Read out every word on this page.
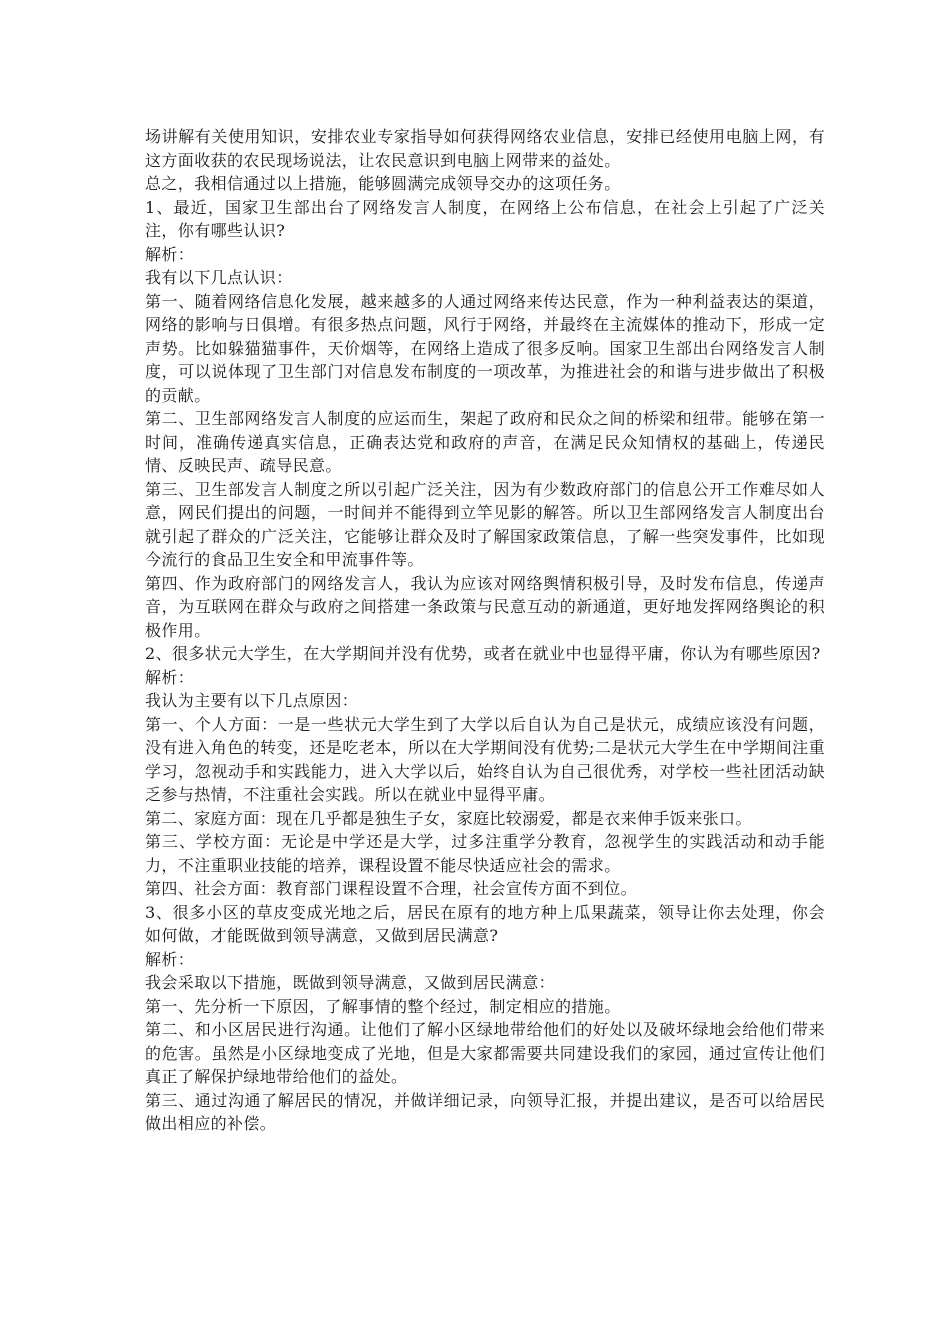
场讲解有关使用知识，安排农业专家指导如何获得网络农业信息，安排已经使用电脑上网，有这方面收获的农民现场说法，让农民意识到电脑上网带来的益处。

总之，我相信通过以上措施，能够圆满完成领导交办的这项任务。

1、最近，国家卫生部出台了网络发言人制度，在网络上公布信息，在社会上引起了广泛关注，你有哪些认识?

解析：

我有以下几点认识：

第一、随着网络信息化发展，越来越多的人通过网络来传达民意，作为一种利益表达的渠道，网络的影响与日俱增。有很多热点问题，风行于网络，并最终在主流媒体的推动下，形成一定声势。比如躲猫猫事件，天价烟等，在网络上造成了很多反响。国家卫生部出台网络发言人制度，可以说体现了卫生部门对信息发布制度的一项改革，为推进社会的和谐与进步做出了积极的贡献。

第二、卫生部网络发言人制度的应运而生，架起了政府和民众之间的桥梁和纽带。能够在第一时间，准确传递真实信息，正确表达党和政府的声音，在满足民众知情权的基础上，传递民情、反映民声、疏导民意。

第三、卫生部发言人制度之所以引起广泛关注，因为有少数政府部门的信息公开工作难尽如人意，网民们提出的问题，一时间并不能得到立竿见影的解答。所以卫生部网络发言人制度出台就引起了群众的广泛关注，它能够让群众及时了解国家政策信息，了解一些突发事件，比如现今流行的食品卫生安全和甲流事件等。

第四、作为政府部门的网络发言人，我认为应该对网络舆情积极引导，及时发布信息，传递声音，为互联网在群众与政府之间搭建一条政策与民意互动的新通道，更好地发挥网络舆论的积极作用。

2、很多状元大学生，在大学期间并没有优势，或者在就业中也显得平庸，你认为有哪些原因?

解析：

我认为主要有以下几点原因：

第一、个人方面：一是一些状元大学生到了大学以后自认为自己是状元，成绩应该没有问题，没有进入角色的转变，还是吃老本，所以在大学期间没有优势;二是状元大学生在中学期间注重学习，忽视动手和实践能力，进入大学以后，始终自认为自己很优秀，对学校一些社团活动缺乏参与热情，不注重社会实践。所以在就业中显得平庸。

第二、家庭方面：现在几乎都是独生子女，家庭比较溺爱，都是衣来伸手饭来张口。

第三、学校方面：无论是中学还是大学，过多注重学分教育，忽视学生的实践活动和动手能力，不注重职业技能的培养，课程设置不能尽快适应社会的需求。

第四、社会方面：教育部门课程设置不合理，社会宣传方面不到位。

3、很多小区的草皮变成光地之后，居民在原有的地方种上瓜果蔬菜，领导让你去处理，你会如何做，才能既做到领导满意，又做到居民满意?

解析：

我会采取以下措施，既做到领导满意，又做到居民满意：

第一、先分析一下原因，了解事情的整个经过，制定相应的措施。

第二、和小区居民进行沟通。让他们了解小区绿地带给他们的好处以及破坏绿地会给他们带来的危害。虽然是小区绿地变成了光地，但是大家都需要共同建设我们的家园，通过宣传让他们真正了解保护绿地带给他们的益处。

第三、通过沟通了解居民的情况，并做详细记录，向领导汇报，并提出建议，是否可以给居民做出相应的补偿。
